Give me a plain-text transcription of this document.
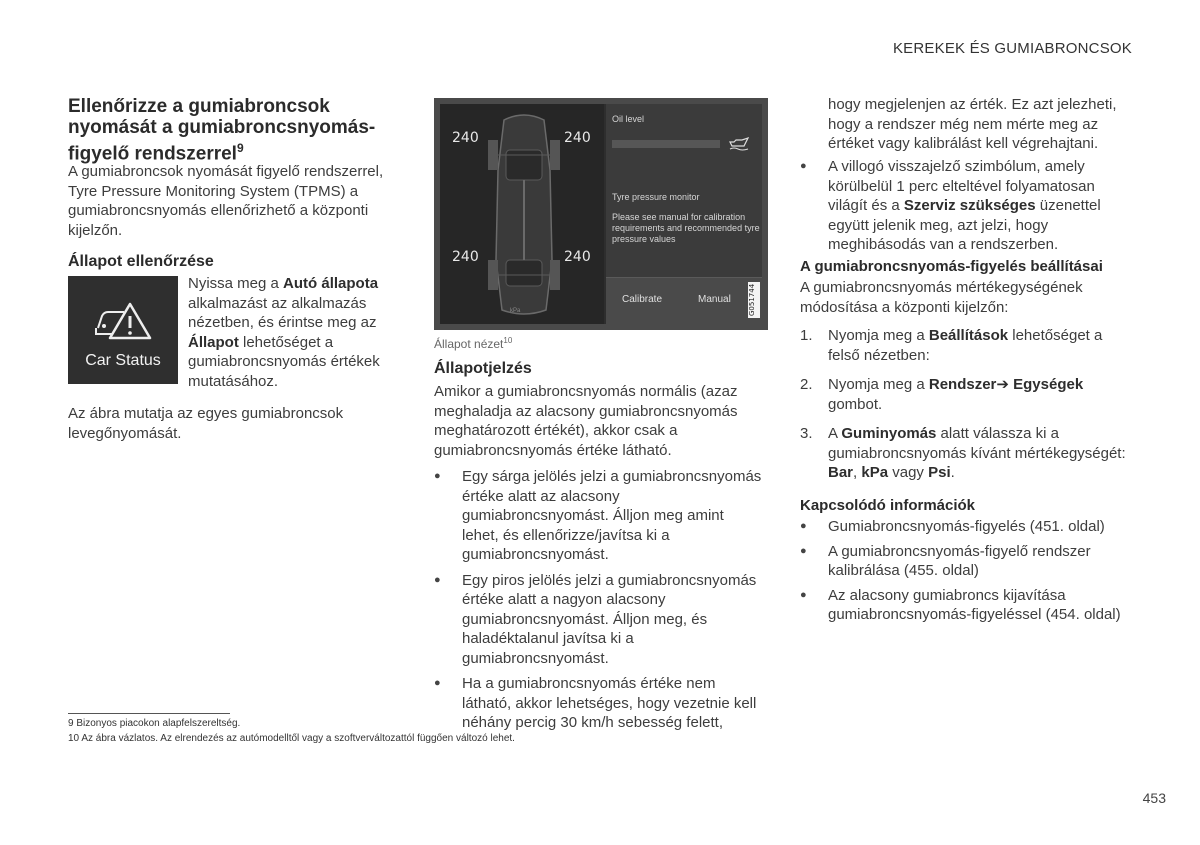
KEREKEK ÉS GUMIABRONCSOK
Ellenőrizze a gumiabroncsok nyomását a gumiabroncsnyomás-figyelő rendszerrel$^9$

A gumiabroncsok nyomását figyelő rendszerrel, Tyre Pressure Monitoring System (TPMS) a gumiabroncsnyomás ellenőrizhető a központi kijelzőn.

Állapot ellenőrzése
Car Status

Nyissa meg a Autó állapota alkalmazást az alkalmazás nézetben, és érintse meg az Állapot lehetőséget a gumiabroncsnyomás értékek mutatásához.

Az ábra mutatja az egyes gumiabroncsok levegőnyomását.

240	240
240	240
kPa
Oil level
Tyre pressure monitor
Please see manual for calibration requirements and recommended tyre pressure values
Calibrate	Manual G051744
Állapot nézet$^{10}$
Állapotjelzés

Amikor a gumiabroncsnyomás normális (azaz meghaladja az alacsony gumiabroncsnyomás meghatározott értékét), akkor csak a gumiabroncsnyomás értéke látható.

● Egy sárga jelölés jelzi a gumiabroncsnyomás értéke alatt az alacsony gumiabroncsnyomást. Álljon meg amint lehet, és ellenőrizze/javítsa ki a gumiabroncsnyomást.
● Egy piros jelölés jelzi a gumiabroncsnyomás értéke alatt a nagyon alacsony gumiabroncsnyomást. Álljon meg, és haladéktalanul javítsa ki a gumiabroncsnyomást.
● Ha a gumiabroncsnyomás értéke nem látható, akkor lehetséges, hogy vezetnie kell néhány percig 30 km/h sebesség felett,

hogy megjelenjen az érték. Ez azt jelezheti, hogy a rendszer még nem mérte meg az értéket vagy kalibrálást kell végrehajtani.

● A villogó visszajelző szimbólum, amely körülbelül 1 perc elteltével folyamatosan világít és a Szerviz szükséges üzenettel együtt jelenik meg, azt jelzi, hogy meghibásodás van a rendszerben.
A gumiabroncsnyomás-figyelés beállításai

A gumiabroncsnyomás mértékegységének módosítása a központi kijelzőn:

1. Nyomja meg a Beállítások lehetőséget a felső nézetben:
2. Nyomja meg a Rendszer➔ Egységek gombot.
3. A Guminyomás alatt válassza ki a gumiabroncsnyomás kívánt mértékegységét: Bar, kPa vagy Psi.
Kapcsolódó információk
● Gumiabroncsnyomás-figyelés (451. oldal)
● A gumiabroncsnyomás-figyelő rendszer kalibrálása (455. oldal)
● Az alacsony gumiabroncs kijavítása gumiabroncsnyomás-figyeléssel (454. oldal)
9 Bizonyos piacokon alapfelszereltség.
10 Az ábra vázlatos. Az elrendezés az autómodelltől vagy a szoftverváltozattól függően változó lehet.
453
